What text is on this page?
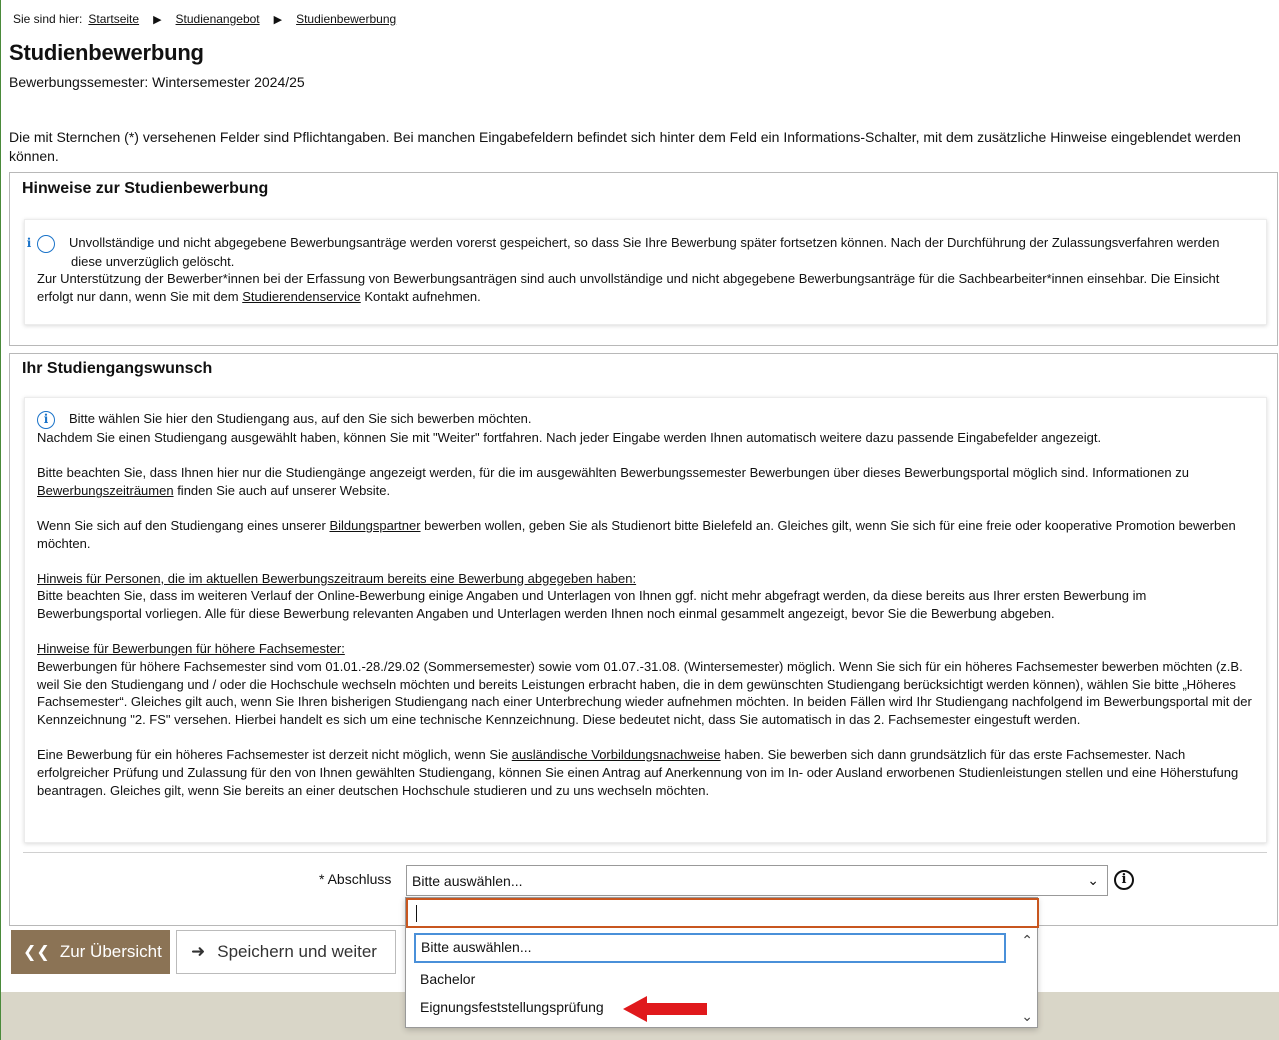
Sie sind hier: Startseite ▶ Studienangebot ▶ Studienbewerbung
Studienbewerbung
Bewerbungssemester: Wintersemester 2024/25
Die mit Sternchen (*) versehenen Felder sind Pflichtangaben. Bei manchen Eingabefeldern befindet sich hinter dem Feld ein Informations-Schalter, mit dem zusätzliche Hinweise eingeblendet werden können.
Hinweise zur Studienbewerbung

i	Unvollständige und nicht abgegebene Bewerbungsanträge werden vorerst gespeichert, so dass Sie Ihre Bewerbung später fortsetzen können. Nach der Durchführung der Zulassungsverfahren werden diese unverzüglich gelöscht.

Zur Unterstützung der Bewerber*innen bei der Erfassung von Bewerbungsanträgen sind auch unvollständige und nicht abgegebene Bewerbungsanträge für die Sachbearbeiter*innen einsehbar. Die Einsicht erfolgt nur dann, wenn Sie mit dem Studierendenservice Kontakt aufnehmen.

Ihr Studiengangswunsch

i Bitte wählen Sie hier den Studiengang aus, auf den Sie sich bewerben möchten.
Nachdem Sie einen Studiengang ausgewählt haben, können Sie mit "Weiter" fortfahren. Nach jeder Eingabe werden Ihnen automatisch weitere dazu passende Eingabefelder angezeigt.

Bitte beachten Sie, dass Ihnen hier nur die Studiengänge angezeigt werden, für die im ausgewählten Bewerbungssemester Bewerbungen über dieses Bewerbungsportal möglich sind. Informationen zu Bewerbungszeiträumen finden Sie auch auf unserer Website.

Wenn Sie sich auf den Studiengang eines unserer Bildungspartner bewerben wollen, geben Sie als Studienort bitte Bielefeld an. Gleiches gilt, wenn Sie sich für eine freie oder kooperative Promotion bewerben möchten.

Hinweis für Personen, die im aktuellen Bewerbungszeitraum bereits eine Bewerbung abgegeben haben:
Bitte beachten Sie, dass im weiteren Verlauf der Online-Bewerbung einige Angaben und Unterlagen von Ihnen ggf. nicht mehr abgefragt werden, da diese bereits aus Ihrer ersten Bewerbung im Bewerbungsportal vorliegen. Alle für diese Bewerbung relevanten Angaben und Unterlagen werden Ihnen noch einmal gesammelt angezeigt, bevor Sie die Bewerbung abgeben.

Hinweise für Bewerbungen für höhere Fachsemester:
Bewerbungen für höhere Fachsemester sind vom 01.01.-28./29.02 (Sommersemester) sowie vom 01.07.-31.08. (Wintersemester) möglich. Wenn Sie sich für ein höheres Fachsemester bewerben möchten (z.B. weil Sie den Studiengang und / oder die Hochschule wechseln möchten und bereits Leistungen erbracht haben, die in dem gewünschten Studiengang berücksichtigt werden können), wählen Sie bitte „Höheres Fachsemester“. Gleiches gilt auch, wenn Sie Ihren bisherigen Studiengang nach einer Unterbrechung wieder aufnehmen möchten. In beiden Fällen wird Ihr Studiengang nachfolgend im Bewerbungsportal mit der Kennzeichnung "2. FS" versehen. Hierbei handelt es sich um eine technische Kennzeichnung. Diese bedeutet nicht, dass Sie automatisch in das 2. Fachsemester eingestuft werden.

Eine Bewerbung für ein höheres Fachsemester ist derzeit nicht möglich, wenn Sie ausländische Vorbildungsnachweise haben. Sie bewerben sich dann grundsätzlich für das erste Fachsemester. Nach erfolgreicher Prüfung und Zulassung für den von Ihnen gewählten Studiengang, können Sie einen Antrag auf Anerkennung von im In- oder Ausland erworbenen Studienleistungen stellen und eine Höherstufung beantragen. Gleiches gilt, wenn Sie bereits an einer deutschen Hochschule studieren und zu uns wechseln möchten.

* Abschluss	Bitte auswählen...	⌄	i
❮❮ Zur Übersicht ➜ Speichern und weiter	Bitte auswählen...
Bachelor
Eignungsfeststellungsprüfung
⌃
⌄
